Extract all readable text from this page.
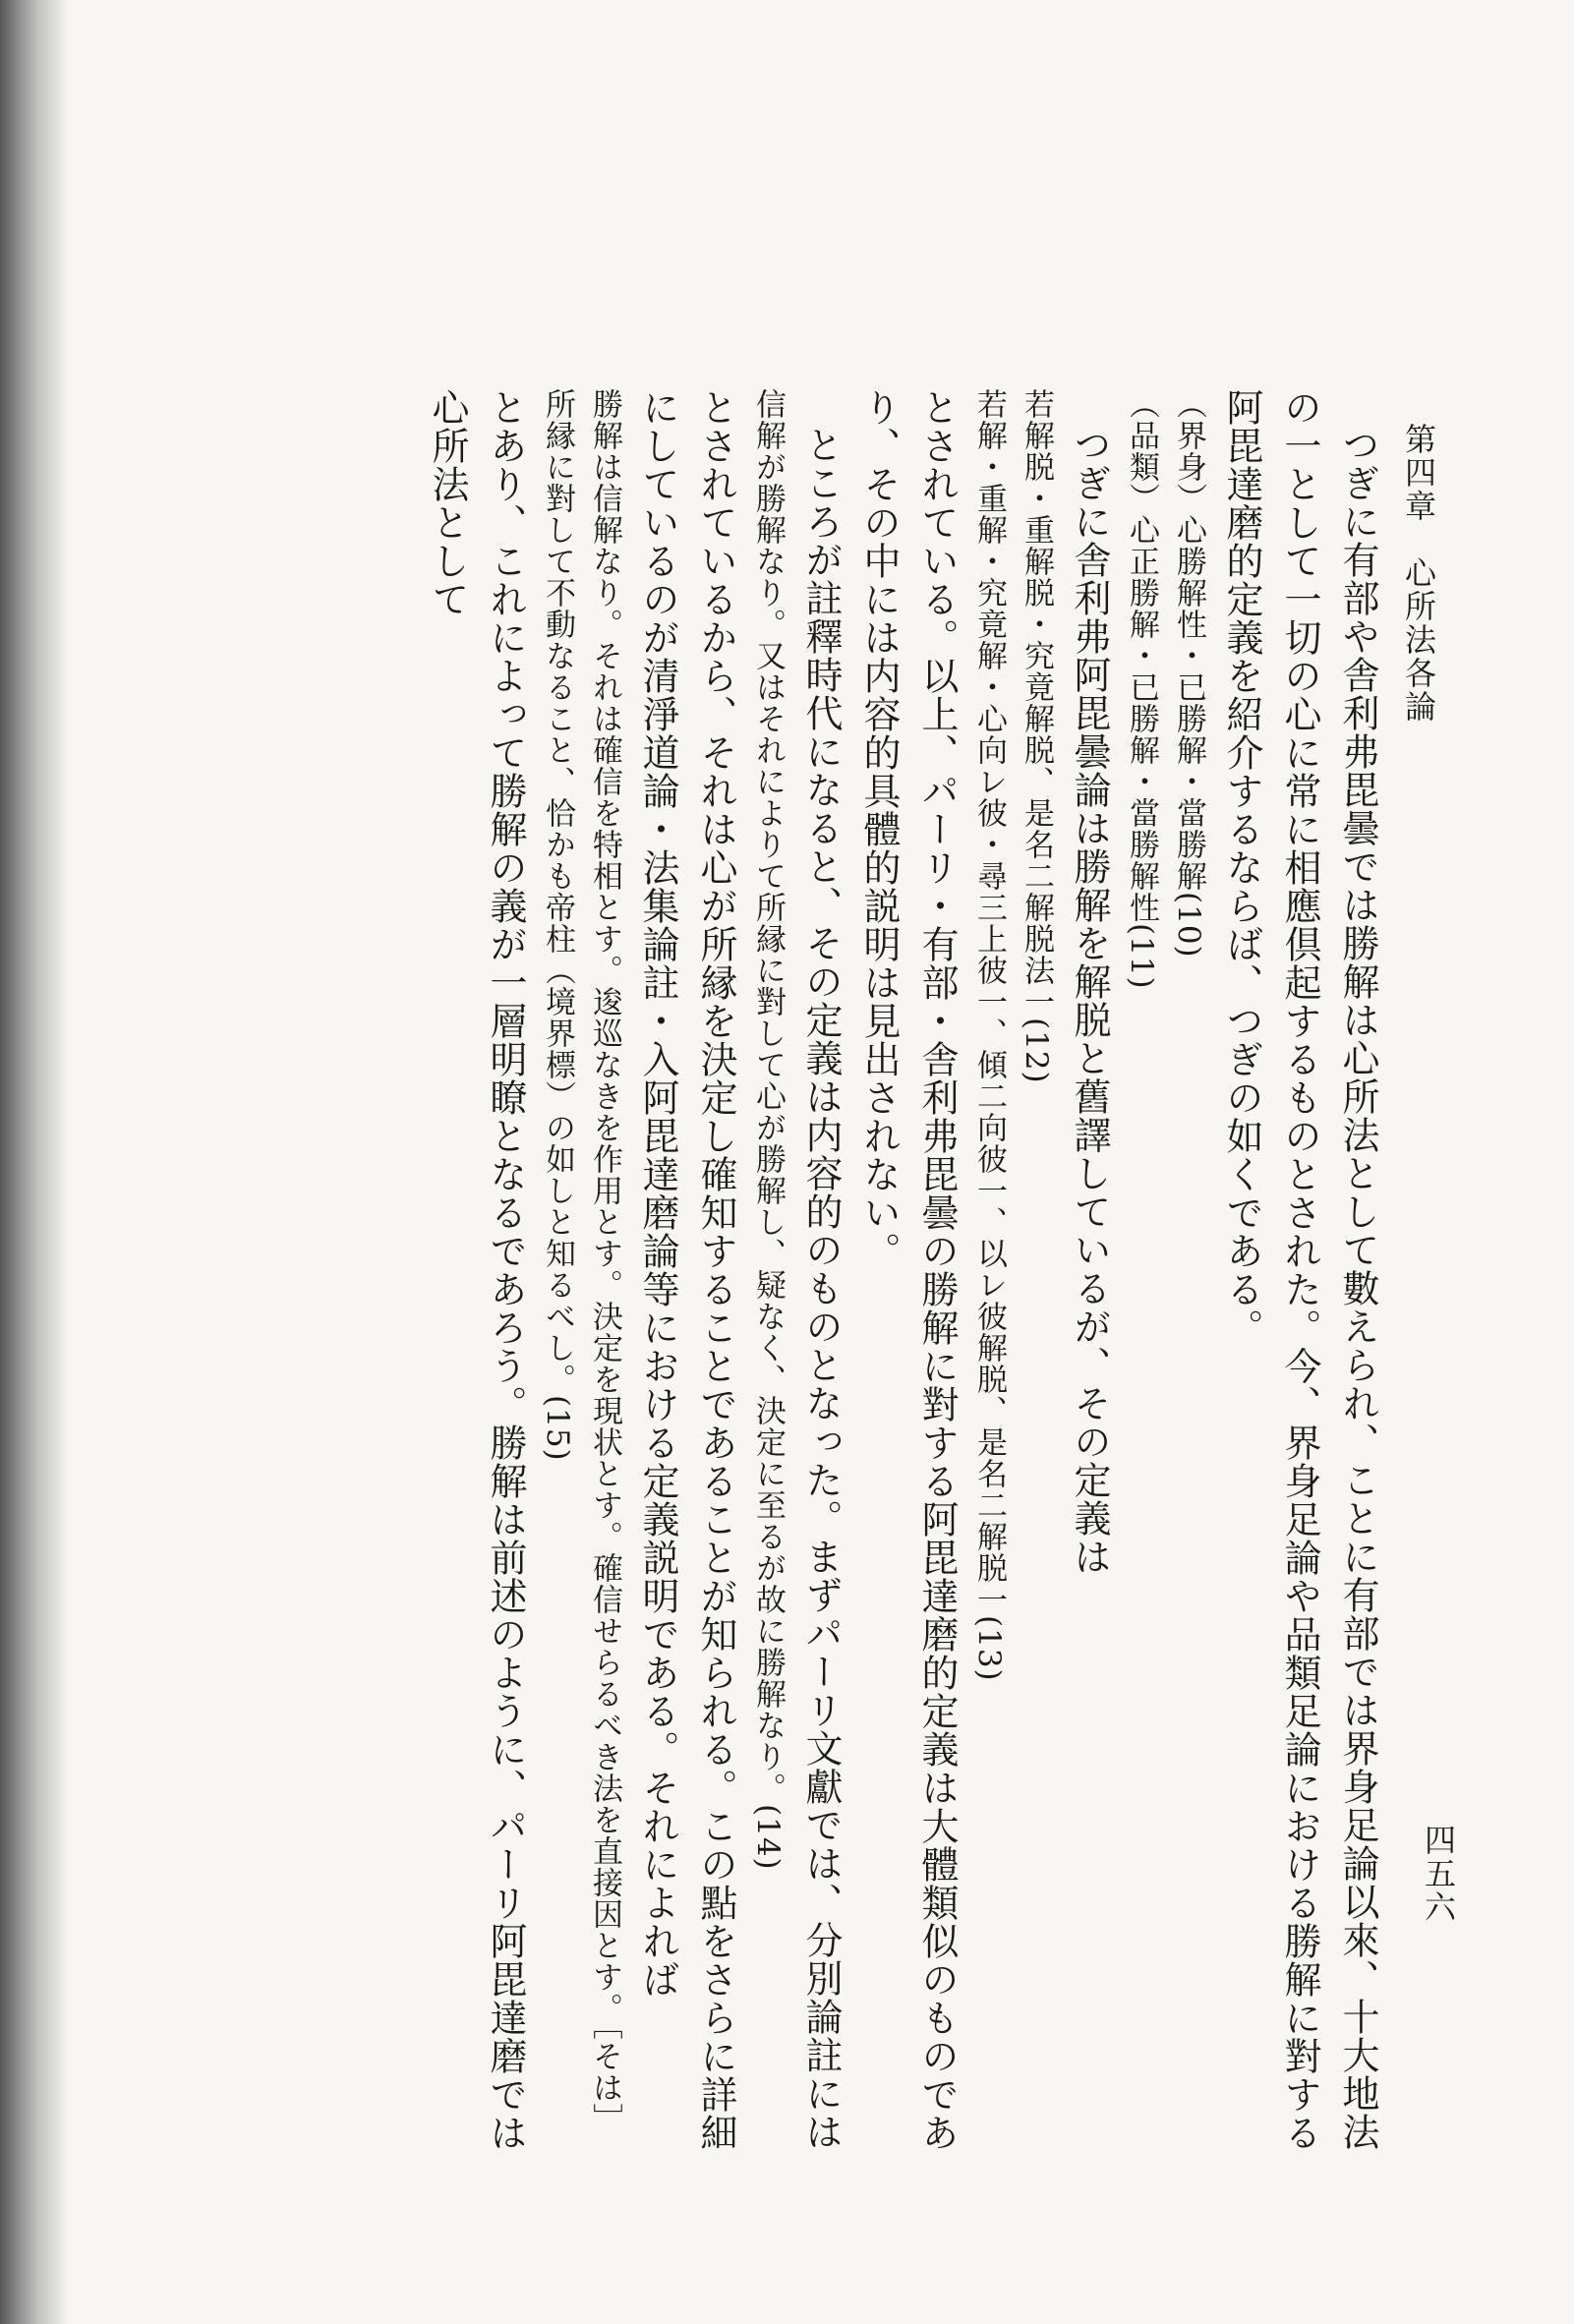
第四章　心所法各論
四五六

つぎに有部や舎利弗毘曇では勝解は心所法として數えられ、ことに有部では界身足論以來、十大地法の一として一切の心に常に相應倶起するものとされた。今、界身足論や品類足論における勝解に對する阿毘達磨的定義を紹介するならば、つぎの如くである。

（界身）心勝解性・已勝解・當勝解(10)

（品類）心正勝解・已勝解・當勝解性(11)

つぎに舎利弗阿毘曇論は勝解を解脱と舊譯しているが、その定義は

若解脱・重解脱・究竟解脱、是名二解脱法一(12)

若解・重解・究竟解・心向レ彼・尋三上彼一、傾二向彼一、以レ彼解脱、是名二解脱一(13)

とされている。以上、パーリ・有部・舎利弗毘曇の勝解に對する阿毘達磨的定義は大體類似のものであり、その中には内容的具體的説明は見出されない。

ところが註釋時代になると、その定義は内容的のものとなった。まずパーリ文獻では、分別論註には

信解が勝解なり。又はそれによりて所縁に對して心が勝解し、疑なく、決定に至るが故に勝解なり。(14)

とされているから、それは心が所縁を決定し確知することであることが知られる。この點をさらに詳細にしているのが清淨道論・法集論註・入阿毘達磨論等における定義説明である。それによれば

勝解は信解なり。それは確信を特相とす。逡巡なきを作用とす。決定を現状とす。確信せらるべき法を直接因とす。［そは］所縁に對して不動なること、恰かも帝柱（境界標）の如しと知るべし。(15)

とあり、これによって勝解の義が一層明瞭となるであろう。勝解は前述のように、パーリ阿毘達磨では心所法として
